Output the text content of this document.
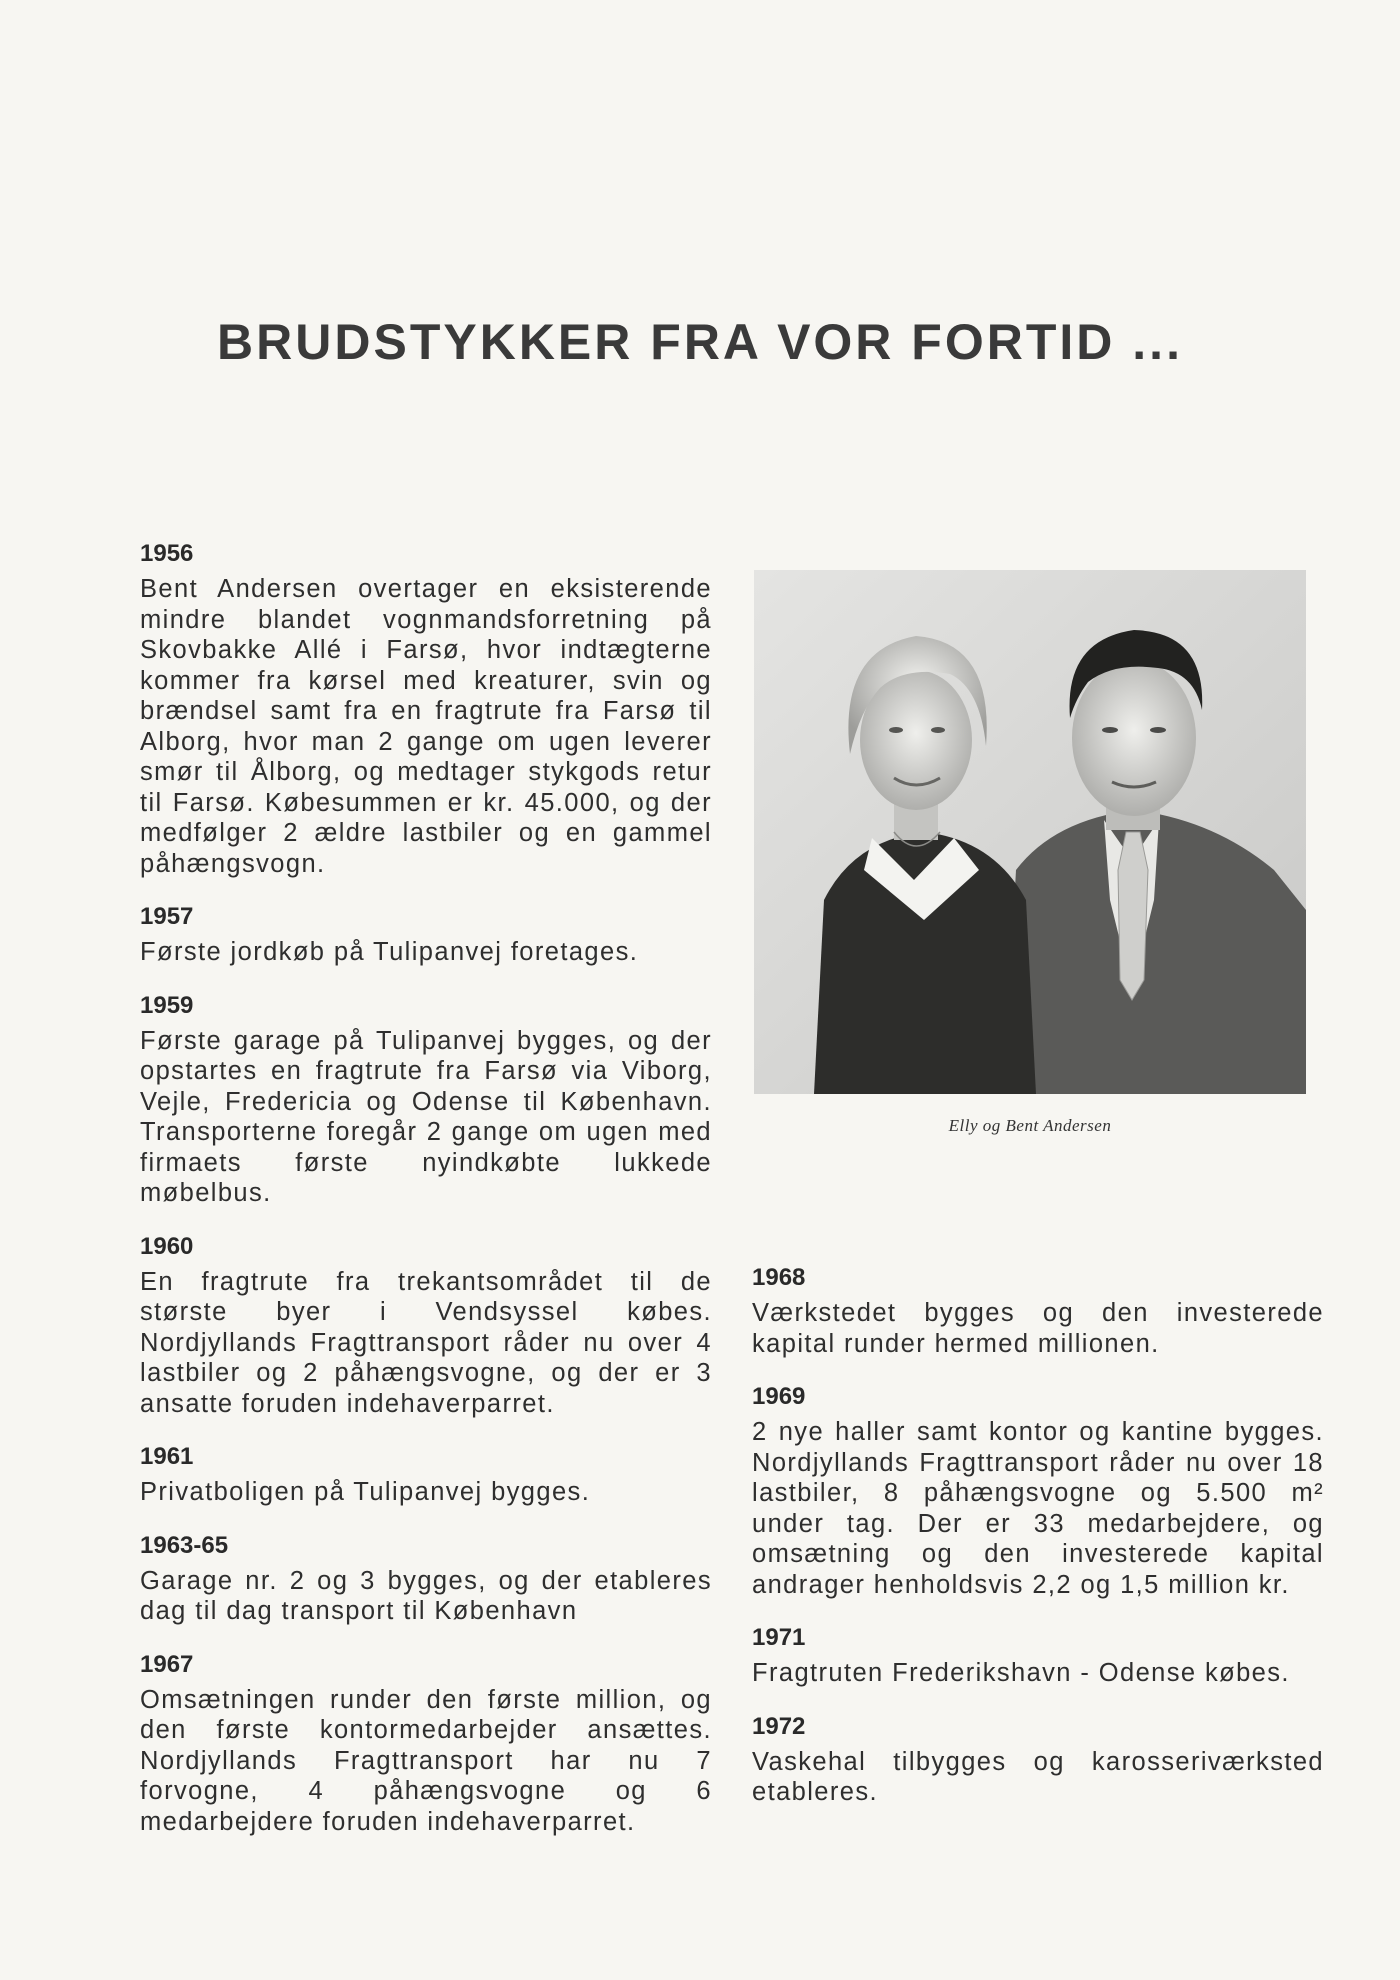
BRUDSTYKKER FRA VOR FORTID ...
1956

Bent Andersen overtager en eksisterende mindre blandet vognmandsforretning på Skovbakke Allé i Farsø, hvor indtægterne kommer fra kørsel med kreaturer, svin og brændsel samt fra en fragtrute fra Farsø til Alborg, hvor man 2 gange om ugen leverer smør til Ålborg, og medtager stykgods retur til Farsø. Købesummen er kr. 45.000, og der medfølger 2 ældre lastbiler og en gammel påhængsvogn.

1957

Første jordkøb på Tulipanvej foretages.

1959

Første garage på Tulipanvej bygges, og der opstartes en fragtrute fra Farsø via Viborg, Vejle, Fredericia og Odense til København. Transporterne foregår 2 gange om ugen med firmaets første nyindkøbte lukkede møbelbus.

1960

En fragtrute fra trekantsområdet til de største byer i Vendsyssel købes. Nordjyllands Fragttransport råder nu over 4 lastbiler og 2 påhængsvogne, og der er 3 ansatte foruden indehaverparret.

1961

Privatboligen på Tulipanvej bygges.

1963-65

Garage nr. 2 og 3 bygges, og der etableres dag til dag transport til København

1967

Omsætningen runder den første million, og den første kontormedarbejder ansættes. Nordjyllands Fragttransport har nu 7 forvogne, 4 påhængsvogne og 6 medarbejdere foruden indehaverparret.

Elly og Bent Andersen
1968

Værkstedet bygges og den investerede kapital runder hermed millionen.

1969

2 nye haller samt kontor og kantine bygges. Nordjyllands Fragttransport råder nu over 18 lastbiler, 8 påhængsvogne og 5.500 m² under tag. Der er 33 medarbejdere, og omsætning og den investerede kapital andrager henholdsvis 2,2 og 1,5 million kr.

1971

Fragtruten Frederikshavn - Odense købes.

1972

Vaskehal tilbygges og karosseriværksted etableres.
